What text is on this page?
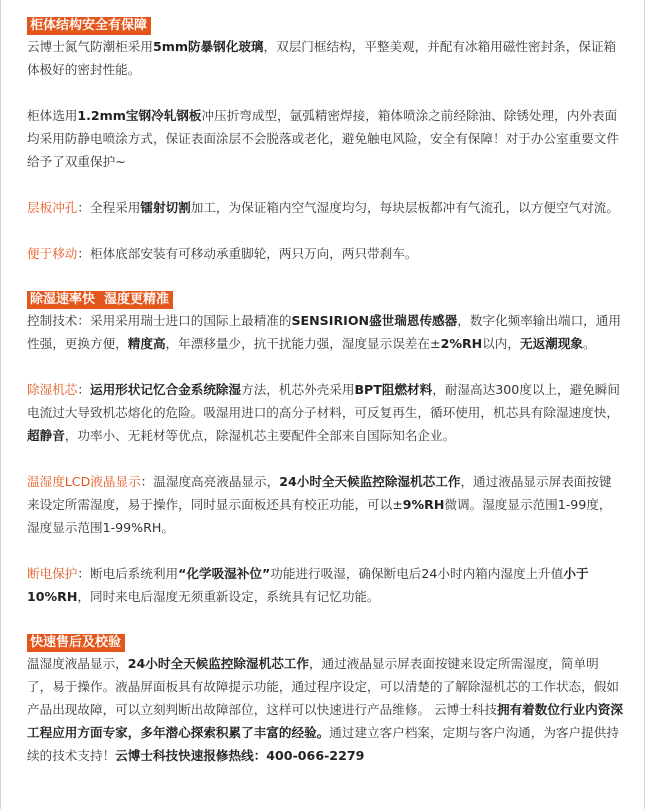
柜体结构安全有保障

云博士氮气防潮柜采用5mm防暴钢化玻璃，双层门框结构，平整美观，并配有冰箱用磁性密封条，保证箱体极好的密封性能。

柜体选用1.2mm宝钢冷轧钢板冲压折弯成型，氩弧精密焊接，箱体喷涂之前经除油、除锈处理，内外表面均采用防静电喷涂方式，保证表面涂层不会脱落或老化，避免触电风险，安全有保障！对于办公室重要文件给予了双重保护~

层板冲孔：全程采用镭射切割加工，为保证箱内空气湿度均匀，每块层板都冲有气流孔，以方便空气对流。

便于移动：柜体底部安装有可移动承重脚轮，两只万向，两只带刹车。

除湿速率快  湿度更精准

控制技术：采用采用瑞士进口的国际上最精准的SENSIRION盛世瑞恩传感器，数字化频率输出端口，通用性强，更换方便，精度高，年漂移量少，抗干扰能力强，湿度显示误差在±2%RH以内，无返潮现象。

除湿机芯：运用形状记忆合金系统除湿方法，机芯外壳采用BPT阻燃材料，耐湿高达300度以上，避免瞬间电流过大导致机芯熔化的危险。吸湿用进口的高分子材料，可反复再生，循环使用，机芯具有除湿速度快，超静音，功率小、无耗材等优点，除湿机芯主要配件全部来自国际知名企业。

温湿度LCD液晶显示：温湿度高亮液晶显示，24小时全天候监控除湿机芯工作，通过液晶显示屏表面按键来设定所需湿度，易于操作，同时显示面板还具有校正功能，可以±9%RH微调。湿度显示范围1-99度，湿度显示范围1-99%RH。

断电保护：断电后系统利用“化学吸湿补位”功能进行吸湿，确保断电后24小时内箱内湿度上升值小于10%RH，同时来电后湿度无须重新设定，系统具有记忆功能。

快速售后及校验

温湿度液晶显示，24小时全天候监控除湿机芯工作，通过液晶显示屏表面按键来设定所需湿度，简单明了，易于操作。液晶屏面板具有故障提示功能，通过程序设定，可以清楚的了解除湿机芯的工作状态，假如产品出现故障，可以立刻判断出故障部位，这样可以快速进行产品维修。 云博士科技拥有着数位行业内资深工程应用方面专家，多年潜心探索积累了丰富的经验。通过建立客户档案，定期与客户沟通，为客户提供持续的技术支持！云博士科技快速报修热线：400-066-2279
